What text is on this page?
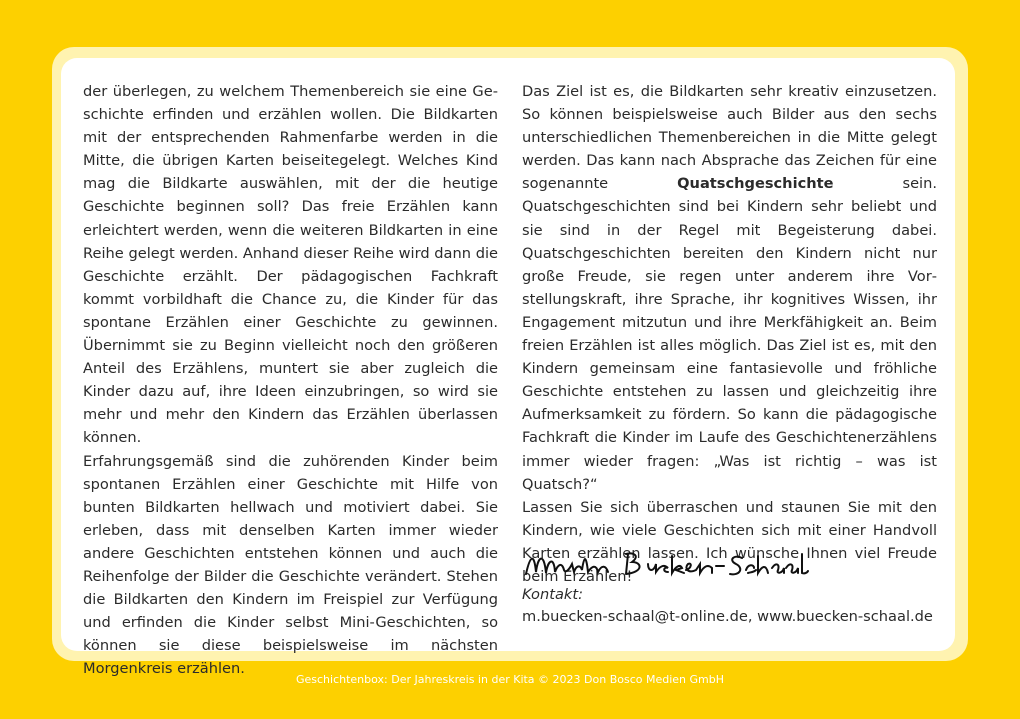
der überlegen, zu welchem Themenbereich sie eine Geschichte erfinden und erzählen wollen. Die Bildkarten mit der entsprechenden Rahmenfarbe werden in die Mitte, die übrigen Karten beiseitegelegt. Welches Kind mag die Bildkarte auswählen, mit der die heutige Geschichte beginnen soll? Das freie Erzählen kann erleichtert werden, wenn die weiteren Bildkarten in eine Reihe gelegt werden. Anhand dieser Reihe wird dann die Geschichte erzählt. Der pädagogischen Fachkraft kommt vorbildhaft die Chance zu, die Kinder für das spontane Erzählen einer Geschichte zu gewinnen. Übernimmt sie zu Beginn vielleicht noch den größeren Anteil des Erzählens, muntert sie aber zugleich die Kinder dazu auf, ihre Ideen einzubringen, so wird sie mehr und mehr den Kindern das Erzählen überlassen können.

Erfahrungsgemäß sind die zuhörenden Kinder beim spontanen Erzählen einer Geschichte mit Hilfe von bunten Bildkarten hellwach und motiviert dabei. Sie erleben, dass mit denselben Karten immer wieder andere Geschichten entstehen können und auch die Reihenfolge der Bilder die Geschichte verändert. Stehen die Bildkarten den Kindern im Freispiel zur Verfügung und erfinden die Kinder selbst Mini-Geschichten, so können sie diese beispielsweise im nächsten Morgenkreis erzählen.

Das Ziel ist es, die Bildkarten sehr kreativ einzusetzen. So können beispielsweise auch Bilder aus den sechs unterschiedlichen Themenbereichen in die Mitte gelegt werden. Das kann nach Absprache das Zeichen für eine sogenannte Quatschgeschichte sein. Quatschgeschichten sind bei Kindern sehr beliebt und sie sind in der Regel mit Begeisterung dabei. Quatschgeschichten bereiten den Kindern nicht nur große Freude, sie regen unter anderem ihre Vorstellungskraft, ihre Sprache, ihr kognitives Wissen, ihr Engagement mitzutun und ihre Merkfähigkeit an. Beim freien Erzählen ist alles möglich. Das Ziel ist es, mit den Kindern gemeinsam eine fantasievolle und fröhliche Geschichte entstehen zu lassen und gleichzeitig ihre Aufmerksamkeit zu fördern. So kann die pädagogische Fachkraft die Kinder im Laufe des Geschichtenerzählens immer wieder fragen: „Was ist richtig – was ist Quatsch?“

Lassen Sie sich überraschen und staunen Sie mit den Kindern, wie viele Geschichten sich mit einer Handvoll Karten erzählen lassen. Ich wünsche Ihnen viel Freude beim Erzählen!

Kontakt:
m.buecken-schaal@t-online.de, www.buecken-schaal.de
Geschichtenbox: Der Jahreskreis in der Kita © 2023 Don Bosco Medien GmbH
